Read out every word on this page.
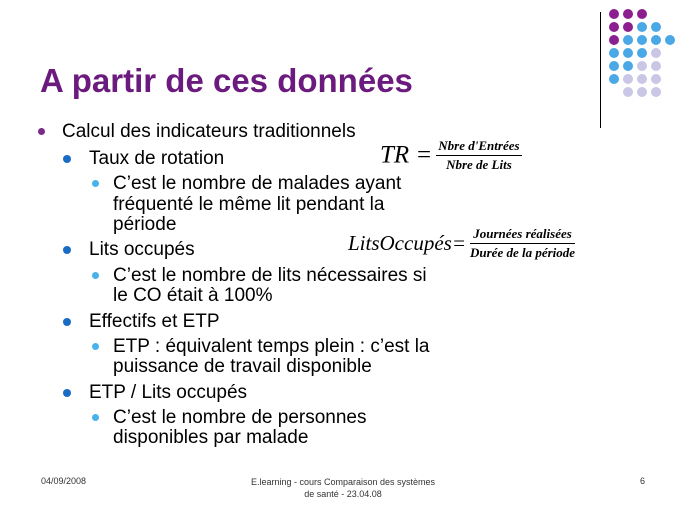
A partir de ces données
Calcul des indicateurs traditionnels
Taux de rotation
C’est le nombre de malades ayant
fréquenté le même lit pendant la
période
Lits occupés
C’est le nombre de lits nécessaires si
le CO était à 100%
Effectifs et ETP
ETP : équivalent temps plein : c’est la
puissance de travail disponible
ETP / Lits occupés
C’est le nombre de personnes
disponibles par malade
TR = $\frac{\text{Nbre d'Entrées}}{\text{Nbre de Lits}}$
LitsOccupés= $\frac{\text{Journées réalisées}}{\text{Durée de la période}}$
04/09/2008	E.learning - cours Comparaison des systèmes
de santé - 23.04.08
6
